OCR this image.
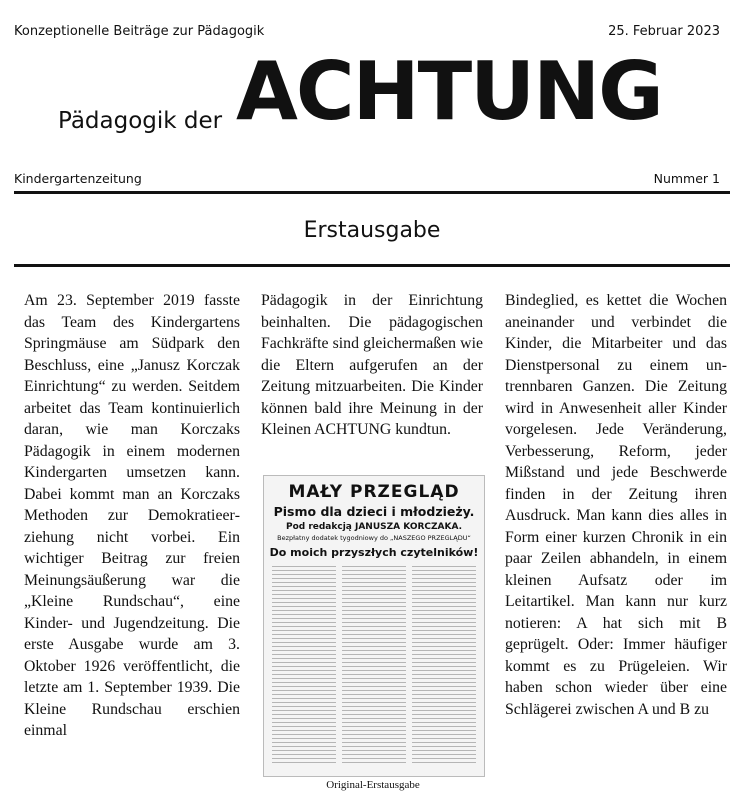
Konzeptionelle Beiträge zur Pädagogik	25. Februar 2023
Pädagogik der ACHTUNG
Kindergartenzeitung	Nummer 1
Erstausgabe
Am 23. September 2019 fasste das Team des Kindergartens Springmäuse am Südpark den Beschluss, eine „Janusz Korczak Einrichtung“ zu werden. Seitdem arbeitet das Team kontinuierlich daran, wie man Korczaks Pädagogik in einem modernen Kindergarten umsetzen kann. Dabei kommt man an Korczaks Methoden zur Demokratieerziehung nicht vorbei. Ein wichtiger Beitrag zur freien Meinungsäußerung war die „Kleine Rundschau“, eine Kinder- und Jugendzeitung. Die erste Ausgabe wurde am 3. Oktober 1926 veröffentlicht, die letzte am 1. September 1939. Die Kleine Rundschau erschien einmal
Pädagogik in der Einrichtung beinhalten. Die pädagogischen Fachkräfte sind gleichermaßen wie die Eltern aufgerufen an der Zeitung mitzuarbeiten. Die Kinder können bald ihre Meinung in der Kleinen ACHTUNG kundtun.
Bindeglied, es kettet die Wochen aneinander und verbindet die Kinder, die Mitarbeiter und das Dienstpersonal zu einem untrennbaren Ganzen. Die Zeitung wird in Anwesenheit aller Kinder vorgelesen. Jede Veränderung, Verbesserung, Reform, jeder Mißstand und jede Beschwerde finden in der Zeitung ihren Ausdruck. Man kann dies alles in Form einer kurzen Chronik in ein paar Zeilen abhandeln, in einem kleinen Aufsatz oder im Leitartikel. Man kann nur kurz notieren: A hat sich mit B geprügelt. Oder: Immer häufiger kommt es zu Prügeleien. Wir haben schon wieder über eine Schlägerei zwischen A und B zu
MAŁY PRZEGLĄD
Pismo dla dzieci i młodzieży.
Pod redakcją JANUSZA KORCZAKA.
Bezpłatny dodatek tygodniowy do „NASZEGO PRZEGLĄDU“
Do moich przyszłych czytelników!
Original-Erstausgabe
